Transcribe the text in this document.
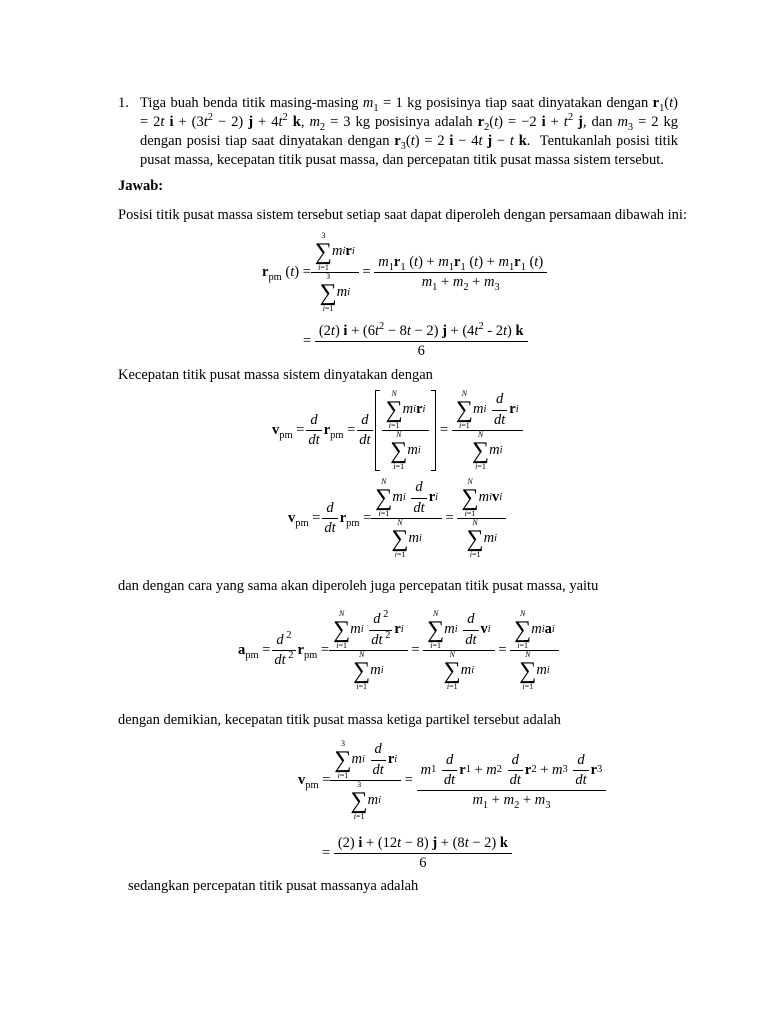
1. Tiga buah benda titik masing-masing $m_1 = 1$ kg posisinya tiap saat dinyatakan dengan $r_1(t) = 2t$ $i + (3t^2 - 2) j + 4t^2$ k, $m_2 = 3$ kg posisinya adalah $r_2(t) = -2$ $i + t^2$ j, dan $m_3 = 2$ kg dengan posisi tiap saat dinyatakan dengan $r_3(t) = 2$ i − 4t j − t k.  Tentukanlah posisi titik pusat massa, kecepatan titik pusat massa, dan percepatan titik pusat massa sistem tersebut.
Jawab:
Posisi titik pusat massa sistem tersebut setiap saat dapat diperoleh dengan persamaan dibawah ini:
$r_{pm}$ (t) =
3
∑
i=1
m i r i
3
∑
i=1
m i
= $\frac{m_1r_1 (t) + m_1r_1 (t) + m_1r_1 (t)}{m_1 + m_2 + m_3}$
= $\frac{(2t) i + (6t^2 - 8t - 2) j + (4t^2 - 2t) k}{6}$
Kecepatan titik pusat massa sistem dinyatakan dengan
$v_{pm} = \frac{d}{dt} r_{pm} = \frac{d}{dt}$
N
∑
i=1
m i r i
N
∑
i=1
m i
=
N
∑
i=1
m i

d
dt
r i
N
∑
i=1
m i
$v_{pm} = \frac{d}{dt} r_{pm}$ =
N
∑
i=1
m i

d
dt
r i
N
∑
i=1
m i
=
N
∑
i=1
m i v i
N
∑
i=1
m i
dan dengan cara yang sama akan diperoleh juga percepatan titik pusat massa, yaitu
$a_{pm} = \frac{d ^2}{dt ^2} r_{pm} = N$
∑
i=1
m i

d $^2$
dt $^2$ r i
N
∑
i=1
m i =
N
∑
i=1
m i

d
dt
v i
N
∑
i=1
m i
=
N
∑
i=1
m i a i
N
∑
i=1
m i
dengan demikian, kecepatan titik pusat massa ketiga partikel tersebut adalah
$v_{pm}$ =
3
∑
i=1
m i

d
dt
r i
3
∑
i=1
m i
=
m 1

d
dt
r 1 + m 2

d
dt
r 2 + m 3

d
dt
r 3
$m_1 + m_2 + m_3$
= $\frac{(2) i + (12t - 8) j + (8t - 2) k}{6}$
sedangkan percepatan titik pusat massanya adalah
